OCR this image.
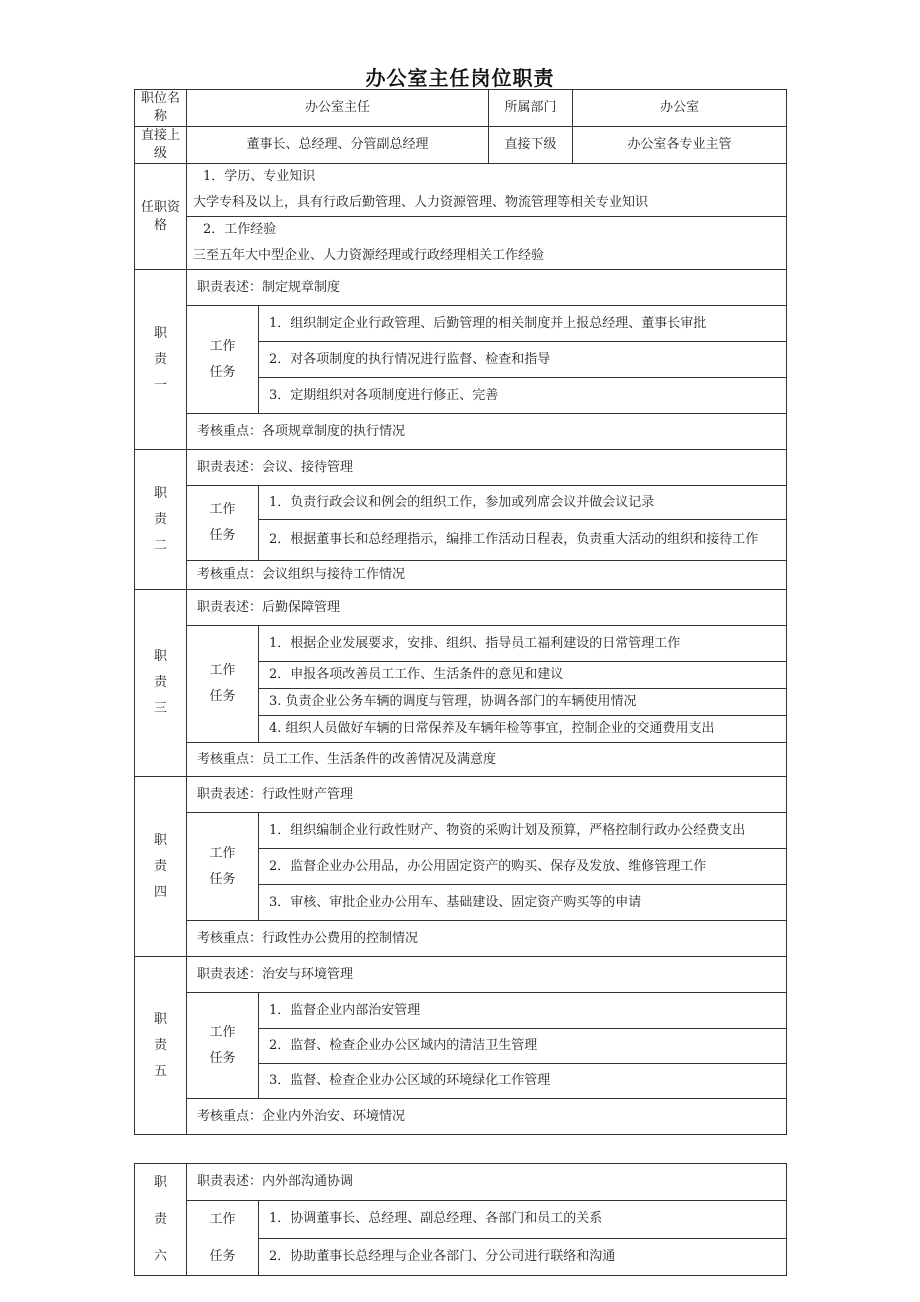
办公室主任岗位职责
职位名称	办公室主任		所属部门	办公室
直接上级	董事长、总经理、分管副总经理		直接下级	办公室各专业主管
任职资格	1．学历、专业知识
大学专科及以上，具有行政后勤管理、人力资源管理、物流管理等相关专业知识			

	2．工作经验
三至五年大中型企业、人力资源经理或行政经理相关工作经验			

职责一	职责表述：制定规章制度			

	工作任务	1．组织制定企业行政管理、后勤管理的相关制度并上报总经理、董事长审批		
		2．对各项制度的执行情况进行监督、检查和指导		
		3．定期组织对各项制度进行修正、完善		
	考核重点：各项规章制度的执行情况			

职责二	职责表述：会议、接待管理			

	工作任务	1．负责行政会议和例会的组织工作，参加或列席会议并做会议记录		
		2．根据董事长和总经理指示，编排工作活动日程表，负责重大活动的组织和接待工作		
	考核重点：会议组织与接待工作情况			

职责三	职责表述：后勤保障管理			

	工作任务	1．根据企业发展要求，安排、组织、指导员工福利建设的日常管理工作		
		2．申报各项改善员工工作、生活条件的意见和建议		
		3. 负责企业公务车辆的调度与管理，协调各部门的车辆使用情况		
		4. 组织人员做好车辆的日常保养及车辆年检等事宜，控制企业的交通费用支出		
	考核重点：员工工作、生活条件的改善情况及满意度			

职责四	职责表述：行政性财产管理			

	工作任务	1．组织编制企业行政性财产、物资的采购计划及预算，严格控制行政办公经费支出		
		2．监督企业办公用品，办公用固定资产的购买、保存及发放、维修管理工作		
		3．审核、审批企业办公用车、基础建设、固定资产购买等的申请		
	考核重点：行政性办公费用的控制情况			

职责五	职责表述：治安与环境管理			

	工作任务	1．监督企业内部治安管理		
		2．监督、检查企业办公区域内的清洁卫生管理		
		3．监督、检查企业办公区域的环境绿化工作管理		
	考核重点：企业内外治安、环境情况			
职责六	职责表述：内外部沟通协调	

	工作任务	1．协调董事长、总经理、副总经理、各部门和员工的关系
		2．协助董事长总经理与企业各部门、分公司进行联络和沟通
